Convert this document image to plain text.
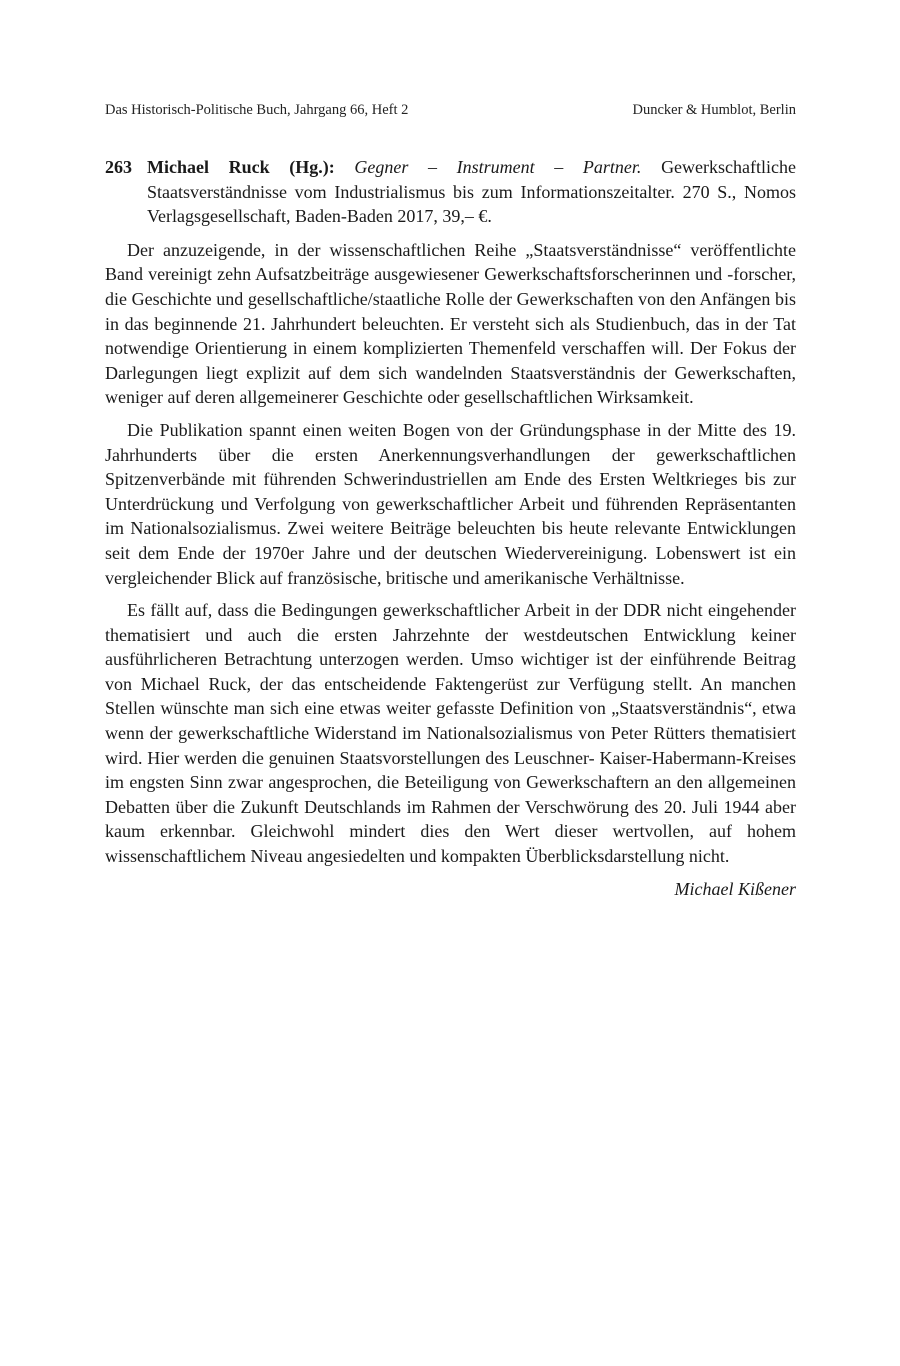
Das Historisch-Politische Buch, Jahrgang 66, Heft 2	Duncker & Humblot, Berlin
263 Michael Ruck (Hg.): Gegner – Instrument – Partner. Gewerkschaftliche Staatsverständnisse vom Industrialismus bis zum Informationszeitalter. 270 S., Nomos Verlagsgesellschaft, Baden-Baden 2017, 39,– €.

Der anzuzeigende, in der wissenschaftlichen Reihe „Staatsverständnisse“ veröffentlichte Band vereinigt zehn Aufsatzbeiträge ausgewiesener Gewerkschaftsforscherinnen und -forscher, die Geschichte und gesellschaftliche/staatliche Rolle der Gewerkschaften von den Anfängen bis in das beginnende 21. Jahrhundert beleuchten. Er versteht sich als Studienbuch, das in der Tat notwendige Orientierung in einem komplizierten Themenfeld verschaffen will. Der Fokus der Darlegungen liegt explizit auf dem sich wandelnden Staatsverständnis der Gewerkschaften, weniger auf deren allgemeinerer Geschichte oder gesellschaftlichen Wirksamkeit.

Die Publikation spannt einen weiten Bogen von der Gründungsphase in der Mitte des 19. Jahrhunderts über die ersten Anerkennungsverhandlungen der gewerkschaftlichen Spitzenverbände mit führenden Schwerindustriellen am Ende des Ersten Weltkrieges bis zur Unterdrückung und Verfolgung von gewerkschaftlicher Arbeit und führenden Repräsentanten im Nationalsozialismus. Zwei weitere Beiträge beleuchten bis heute relevante Entwicklungen seit dem Ende der 1970er Jahre und der deutschen Wiedervereinigung. Lobenswert ist ein vergleichender Blick auf französische, britische und amerikanische Verhältnisse.

Es fällt auf, dass die Bedingungen gewerkschaftlicher Arbeit in der DDR nicht eingehender thematisiert und auch die ersten Jahrzehnte der westdeutschen Entwicklung keiner ausführlicheren Betrachtung unterzogen werden. Umso wichtiger ist der einführende Beitrag von Michael Ruck, der das entscheidende Faktengerüst zur Verfügung stellt. An manchen Stellen wünschte man sich eine etwas weiter gefasste Definition von „Staatsverständnis“, etwa wenn der gewerkschaftliche Widerstand im Nationalsozialismus von Peter Rütters thematisiert wird. Hier werden die genuinen Staatsvorstellungen des Leuschner- Kaiser-Habermann-Kreises im engsten Sinn zwar angesprochen, die Beteiligung von Gewerkschaftern an den allgemeinen Debatten über die Zukunft Deutschlands im Rahmen der Verschwörung des 20. Juli 1944 aber kaum erkennbar. Gleichwohl mindert dies den Wert dieser wertvollen, auf hohem wissenschaftlichem Niveau angesiedelten und kompakten Überblicksdarstellung nicht.

Michael Kißener
